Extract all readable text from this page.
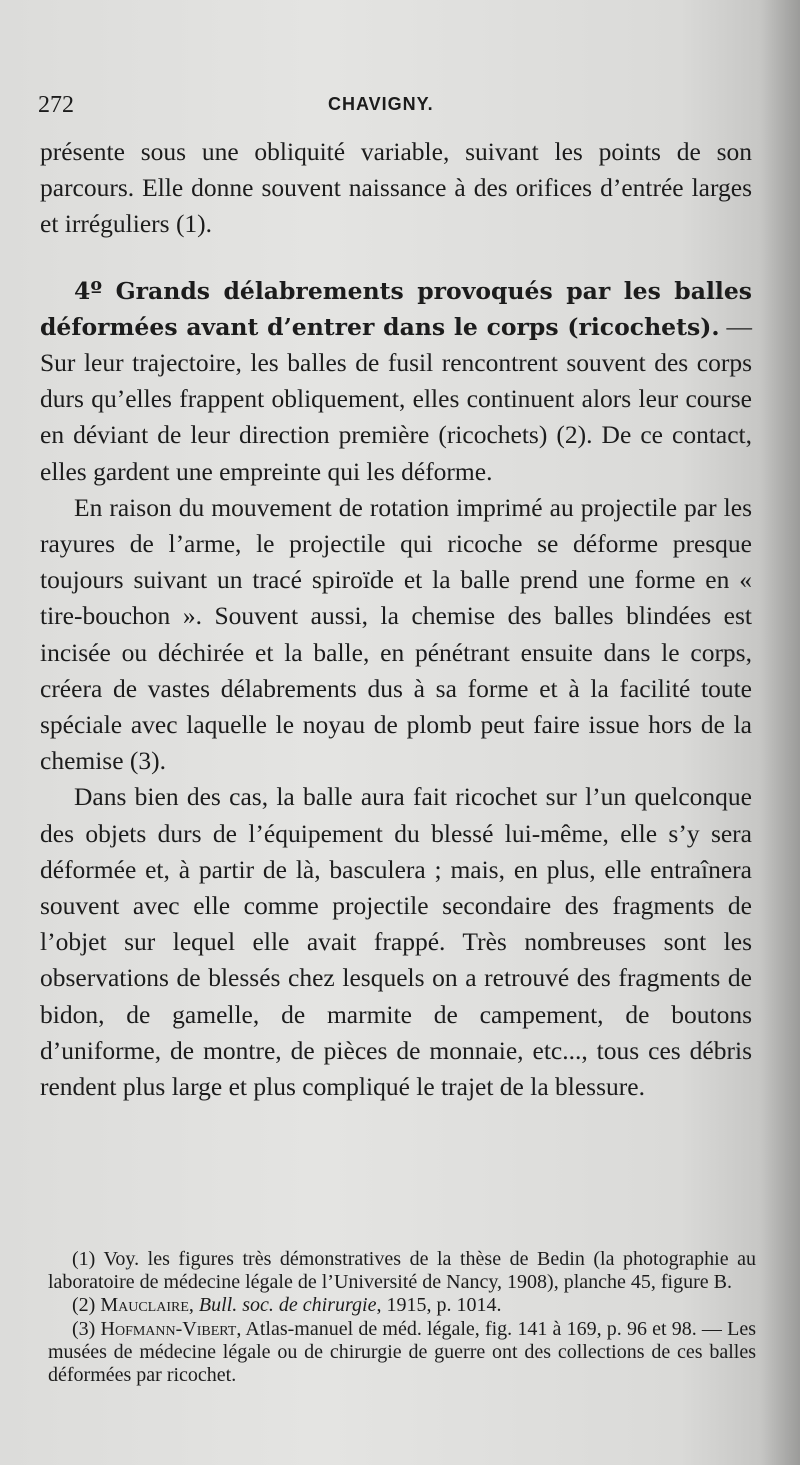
272	CHAVIGNY.

présente sous une obliquité variable, suivant les points de son parcours. Elle donne souvent naissance à des orifices d’entrée larges et irréguliers (1).

4º Grands délabrements provoqués par les balles déformées avant d’entrer dans le corps (ricochets). — Sur leur trajectoire, les balles de fusil rencontrent souvent des corps durs qu’elles frappent obliquement, elles continuent alors leur course en déviant de leur direction première (ricochets) (2). De ce contact, elles gardent une empreinte qui les déforme.

En raison du mouvement de rotation imprimé au projectile par les rayures de l’arme, le projectile qui ricoche se déforme presque toujours suivant un tracé spiroïde et la balle prend une forme en « tire-bouchon ». Souvent aussi, la chemise des balles blindées est incisée ou déchirée et la balle, en pénétrant ensuite dans le corps, créera de vastes délabrements dus à sa forme et à la facilité toute spéciale avec laquelle le noyau de plomb peut faire issue hors de la chemise (3).

Dans bien des cas, la balle aura fait ricochet sur l’un quelconque des objets durs de l’équipement du blessé lui-même, elle s’y sera déformée et, à partir de là, basculera ; mais, en plus, elle entraînera souvent avec elle comme projectile secondaire des fragments de l’objet sur lequel elle avait frappé. Très nombreuses sont les observations de blessés chez lesquels on a retrouvé des fragments de bidon, de gamelle, de marmite de campement, de boutons d’uniforme, de montre, de pièces de monnaie, etc..., tous ces débris rendent plus large et plus compliqué le trajet de la blessure.

(1) Voy. les figures très démonstratives de la thèse de Bedin (la photographie au laboratoire de médecine légale de l’Université de Nancy, 1908), planche 45, figure B.

(2) Mauclaire, Bull. soc. de chirurgie, 1915, p. 1014.

(3) Hofmann-Vibert, Atlas-manuel de méd. légale, fig. 141 à 169, p. 96 et 98. — Les musées de médecine légale ou de chirurgie de guerre ont des collections de ces balles déformées par ricochet.
